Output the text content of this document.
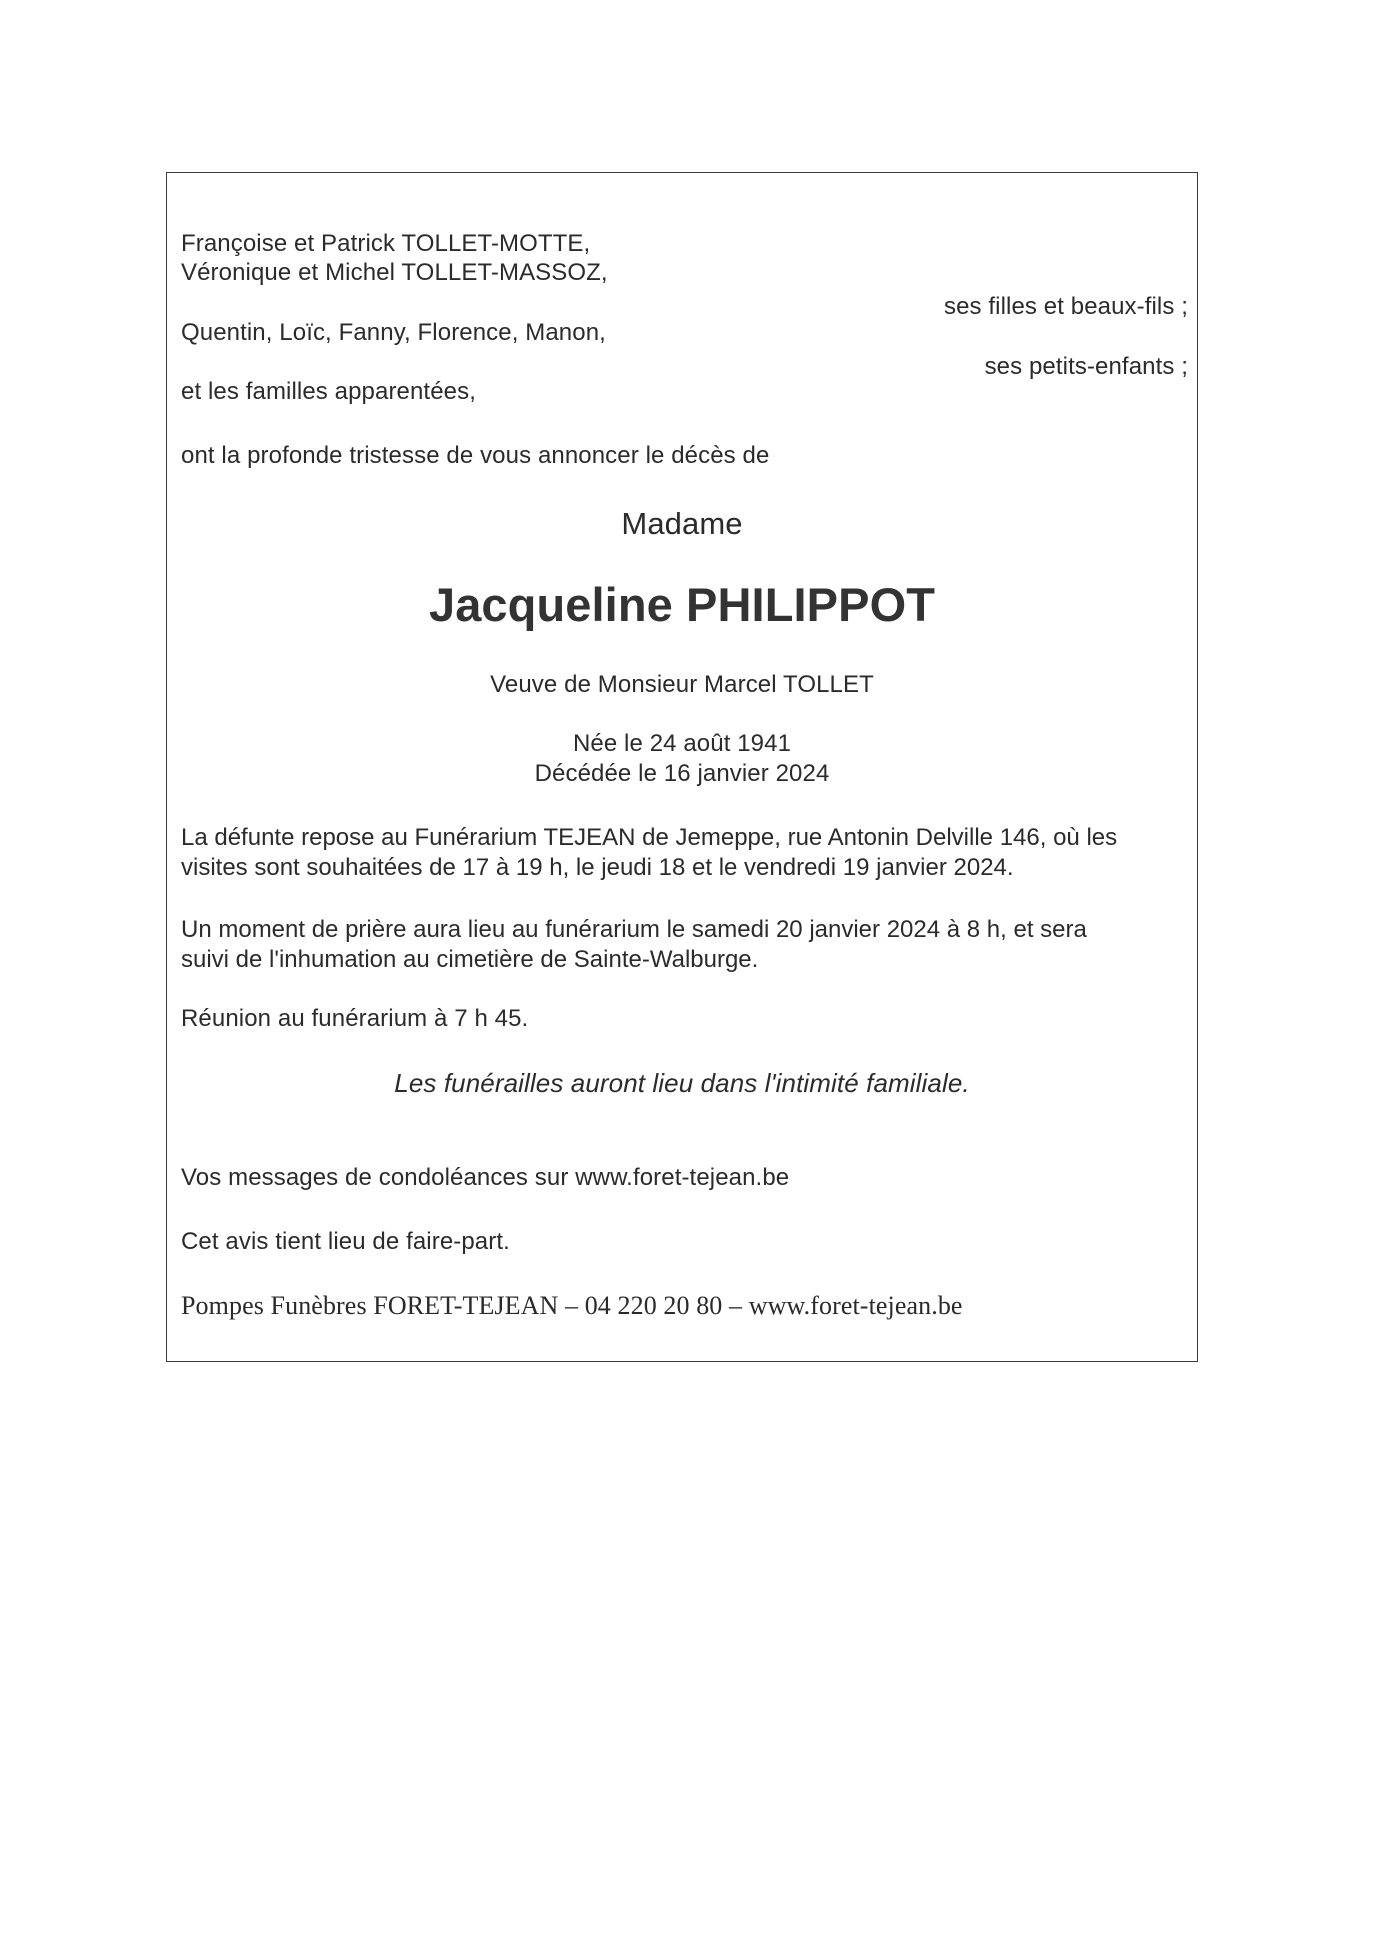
Françoise et Patrick TOLLET-MOTTE,
Véronique et Michel TOLLET-MASSOZ,
ses filles et beaux-fils ;
Quentin, Loïc, Fanny, Florence, Manon,
ses petits-enfants ;
et les familles apparentées,
ont la profonde tristesse de vous annoncer le décès de
Madame
Jacqueline PHILIPPOT
Veuve de Monsieur Marcel TOLLET
Née le 24 août 1941
Décédée le 16 janvier 2024
La défunte repose au Funérarium TEJEAN de Jemeppe, rue Antonin Delville 146, où les
visites sont souhaitées de 17 à 19 h, le jeudi 18 et le vendredi 19 janvier 2024.
Un moment de prière aura lieu au funérarium le samedi 20 janvier 2024 à 8 h, et sera
suivi de l'inhumation au cimetière de Sainte-Walburge.
Réunion au funérarium à 7 h 45.
Les funérailles auront lieu dans l'intimité familiale.
Vos messages de condoléances sur www.foret-tejean.be
Cet avis tient lieu de faire-part.
Pompes Funèbres FORET-TEJEAN – 04 220 20 80 – www.foret-tejean.be
